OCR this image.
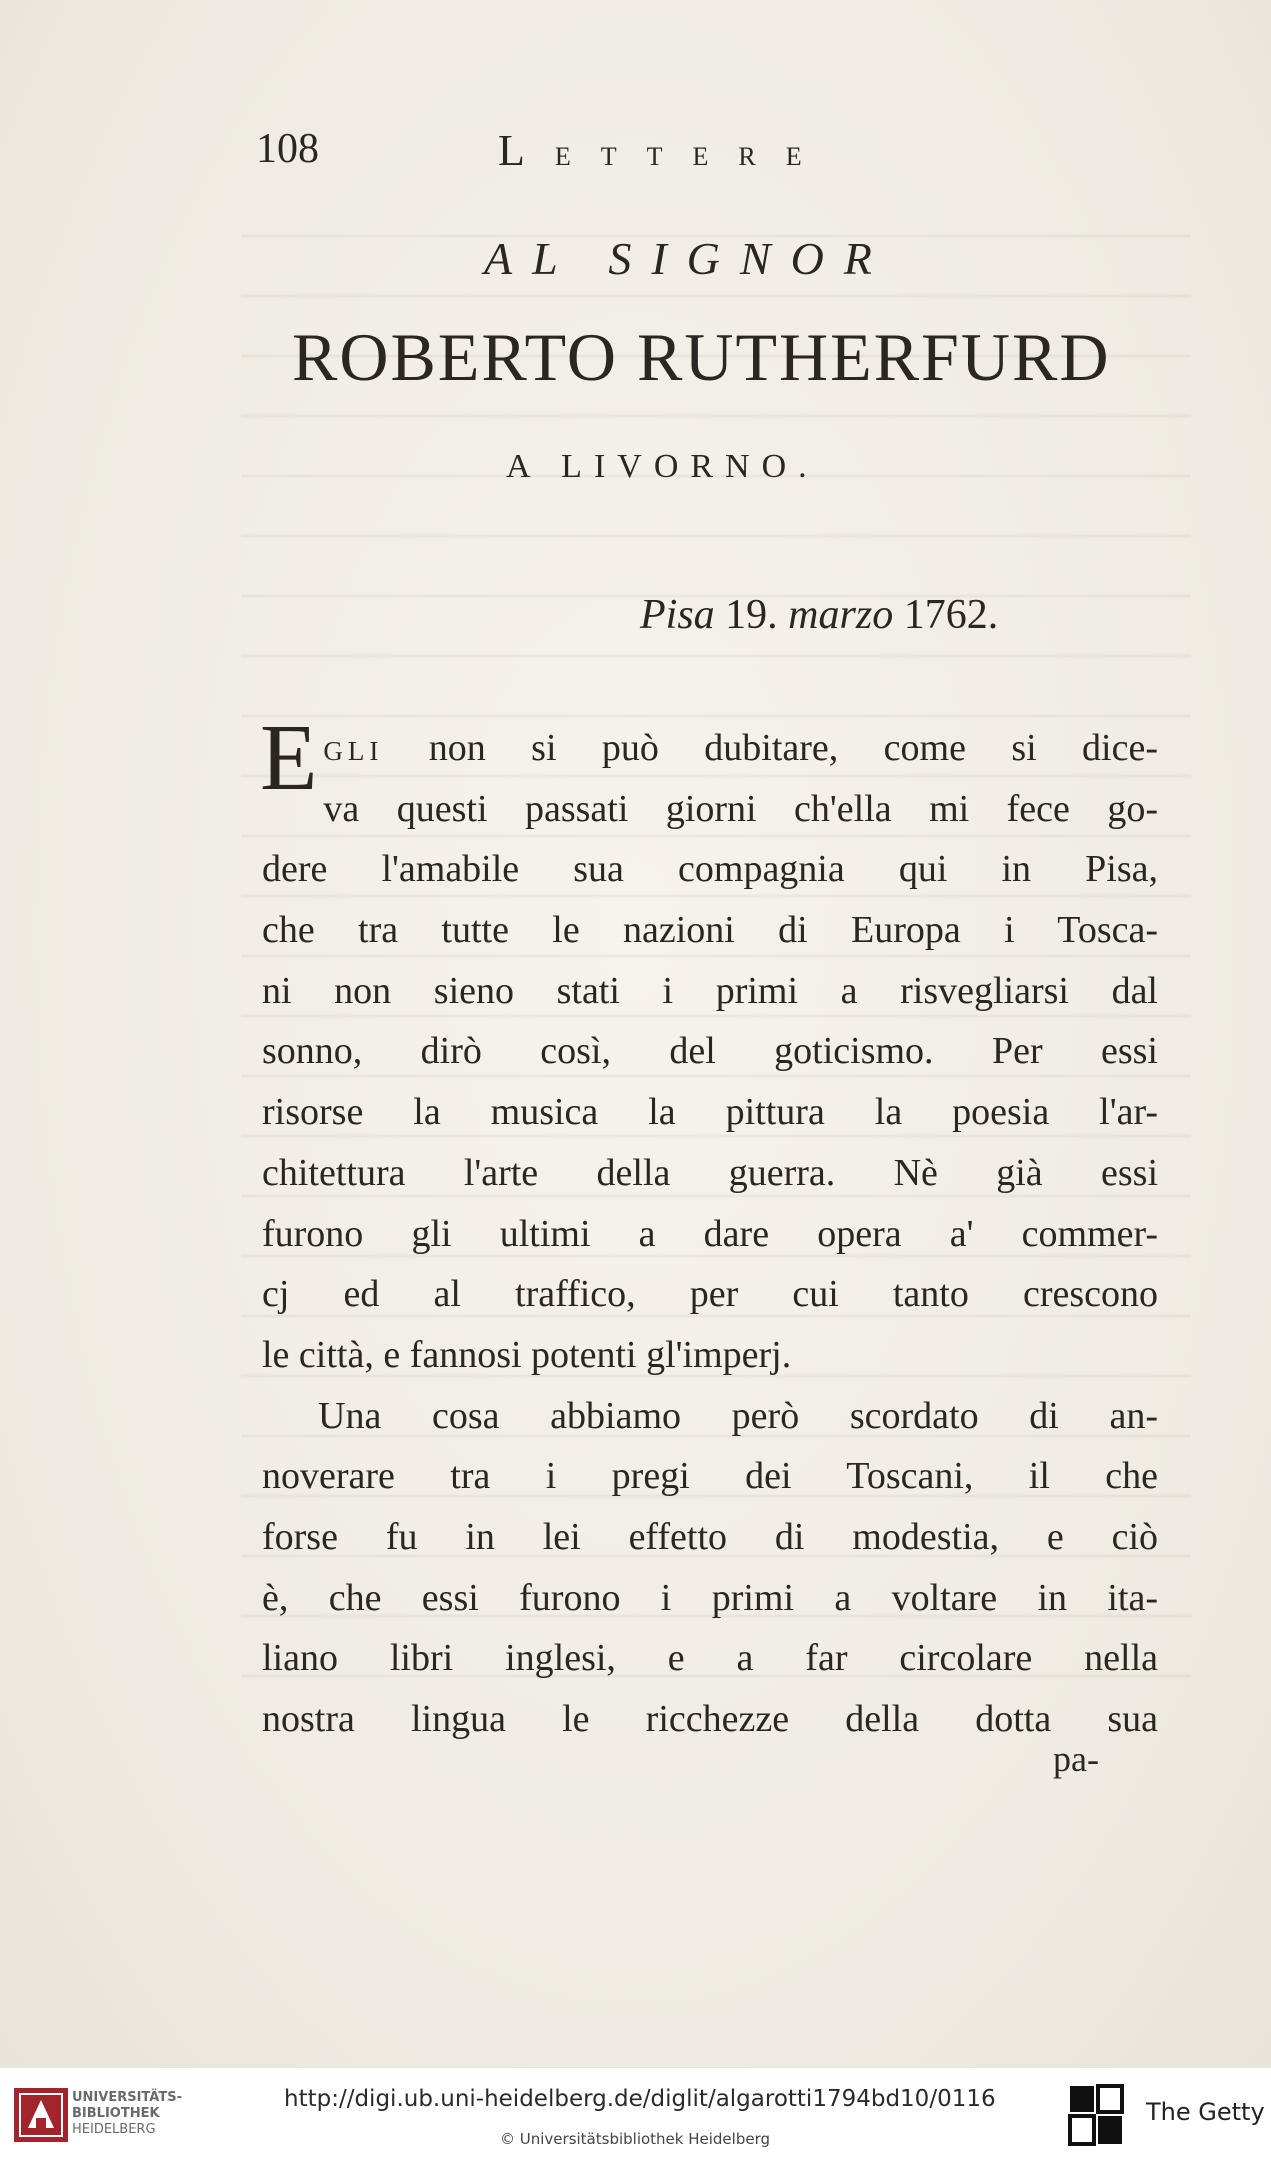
108	LETTERE
AL SIGNOR
ROBERTO RUTHERFURD
A LIVORNO.
Pisa 19. marzo 1762.
E GLI non si può dubitare, come si dice-
va questi passati giorni ch'ella mi fece go-
dere l'amabile sua compagnia qui in Pisa,
che tra tutte le nazioni di Europa i Tosca-
ni non sieno stati i primi a risvegliarsi dal
sonno, dirò così, del goticismo. Per essi
risorse la musica la pittura la poesia l'ar-
chitettura l'arte della guerra. Nè già essi
furono gli ultimi a dare opera a' commer-
cj ed al traffico, per cui tanto crescono
le città, e fannosi potenti gl'imperj.
Una cosa abbiamo però scordato di an-
noverare tra i pregi dei Toscani, il che
forse fu in lei effetto di modestia, e ciò
è, che essi furono i primi a voltare in ita-
liano libri inglesi, e a far circolare nella
nostra lingua le ricchezze della dotta sua
pa-
UNIVERSITÄTS-
BIBLIOTHEK
HEIDELBERG
http://digi.ub.uni-heidelberg.de/diglit/algarotti1794bd10/0116
© Universitätsbibliothek Heidelberg
The Getty
